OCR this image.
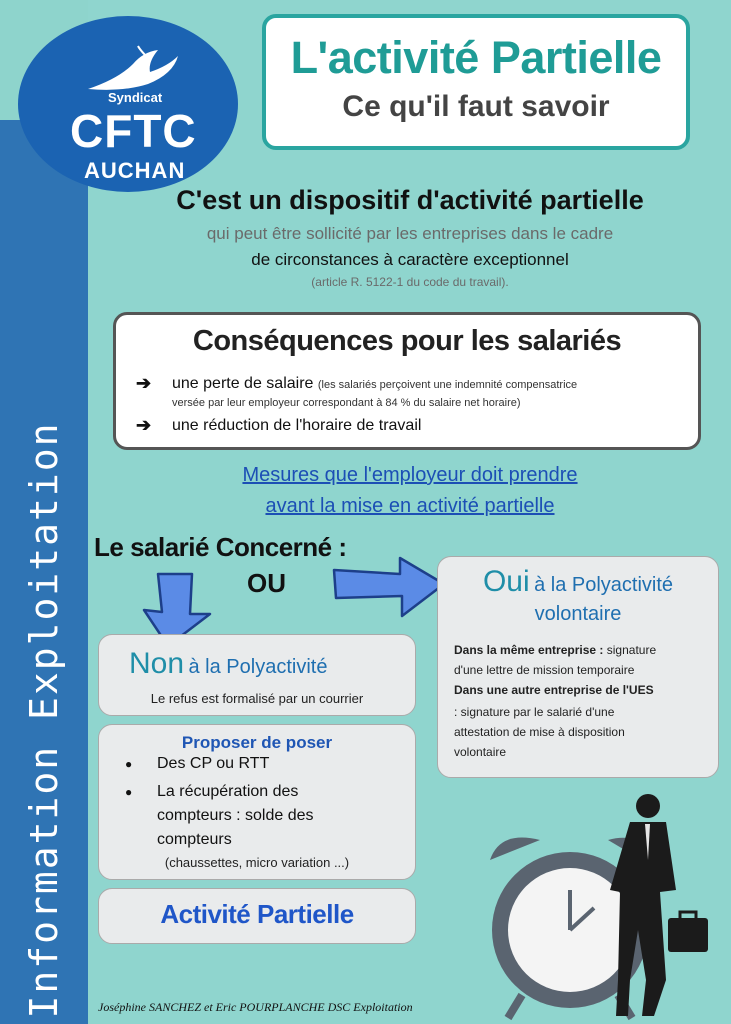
Information Exploitation
Syndicat
CFTC
AUCHAN
L'activité Partielle
Ce qu'il faut savoir
C'est un dispositif d'activité partielle
qui peut être sollicité par les entreprises dans le cadre
de circonstances à caractère exceptionnel
(article R. 5122-1 du code du travail).
Conséquences pour les salariés
➔ une perte de salaire (les salariés perçoivent une indemnité compensatrice
versée par leur employeur correspondant à 84 % du salaire net horaire)
➔ une réduction de l'horaire de travail
Mesures que l'employeur doit prendre
avant la mise en activité partielle
Le salarié Concerné :
OU
Non à la Polyactivité
Le refus est formalisé par un courrier
Proposer de poser
● Des CP ou RTT
● La récupération des
compteurs : solde des
compteurs
(chaussettes, micro variation ...)
Activité Partielle
Oui à la Polyactivité
volontaire
Dans la même entreprise : signature
d'une lettre de mission temporaire
Dans une autre entreprise de l'UES
: signature par le salarié d'une
attestation de mise à disposition
volontaire
Joséphine SANCHEZ et Eric POURPLANCHE DSC Exploitation
